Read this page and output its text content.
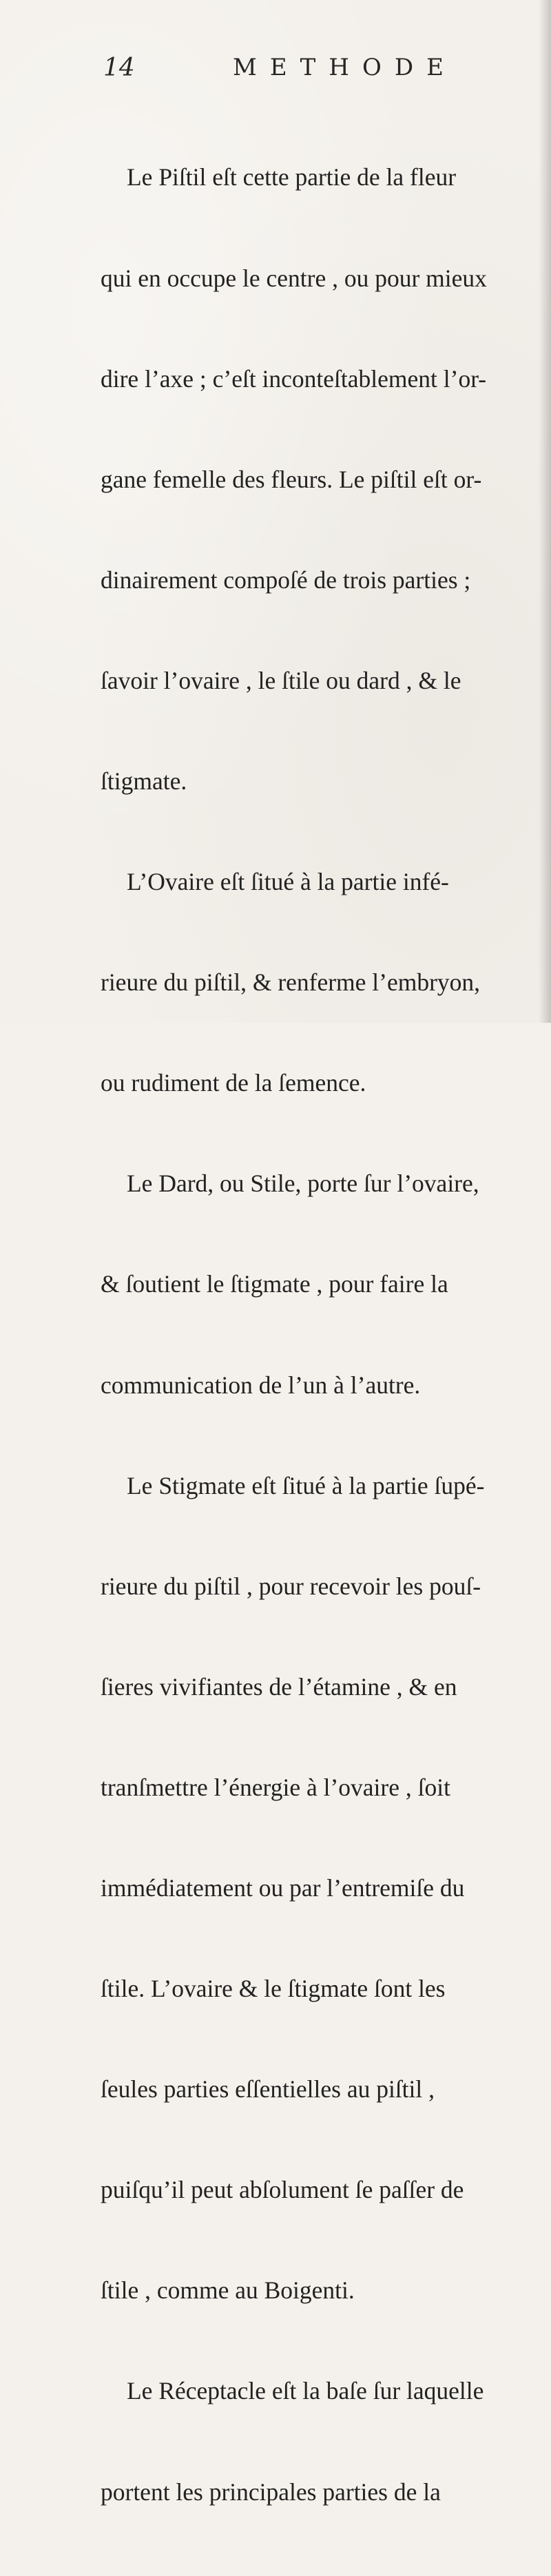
14	METHODE

Le Piſtil eſt cette partie de la fleur

qui en occupe le centre , ou pour mieux

dire l’axe ; c’eſt inconteſtablement l’or-

gane femelle des fleurs. Le piſtil eſt or-

dinairement compoſé de trois parties ;

ſavoir l’ovaire , le ſtile ou dard , & le

ſtigmate.

L’Ovaire eſt ſitué à la partie infé-

rieure du piſtil, & renferme l’embryon,

ou rudiment de la ſemence.

Le Dard, ou Stile, porte ſur l’ovaire,

& ſoutient le ſtigmate , pour faire la

communication de l’un à l’autre.

Le Stigmate eſt ſitué à la partie ſupé-

rieure du piſtil , pour recevoir les pouſ-

ſieres vivifiantes de l’étamine , & en

tranſmettre l’énergie à l’ovaire , ſoit

immédiatement ou par l’entremiſe du

ſtile. L’ovaire & le ſtigmate ſont les

ſeules parties eſſentielles au piſtil ,

puiſqu’il peut abſolument ſe paſſer de

ſtile , comme au Boigenti.

Le Réceptacle eſt la baſe ſur laquelle

portent les principales parties de la
